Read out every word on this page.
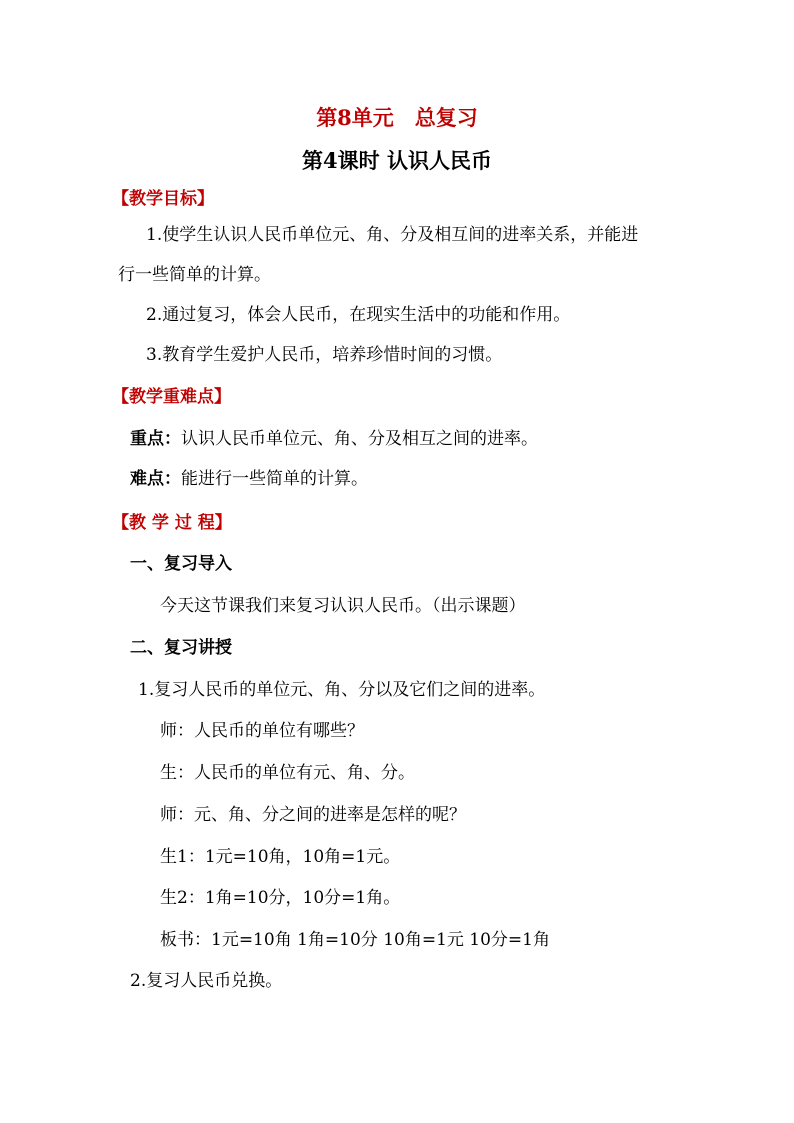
第8单元　总复习
第4课时 认识人民币
【教学目标】
1.使学生认识人民币单位元、角、分及相互间的进率关系，并能进
行一些简单的计算。
2.通过复习，体会人民币，在现实生活中的功能和作用。
3.教育学生爱护人民币，培养珍惜时间的习惯。
【教学重难点】
重点：认识人民币单位元、角、分及相互之间的进率。
难点：能进行一些简单的计算。
【教 学 过 程】
一、复习导入
今天这节课我们来复习认识人民币。（出示课题）
二、复习讲授
1.复习人民币的单位元、角、分以及它们之间的进率。
师：人民币的单位有哪些？
生：人民币的单位有元、角、分。
师：元、角、分之间的进率是怎样的呢？
生1：1元=10角，10角=1元。
生2：1角=10分，10分=1角。
板书：1元=10角 1角=10分 10角=1元 10分=1角
2.复习人民币兑换。
